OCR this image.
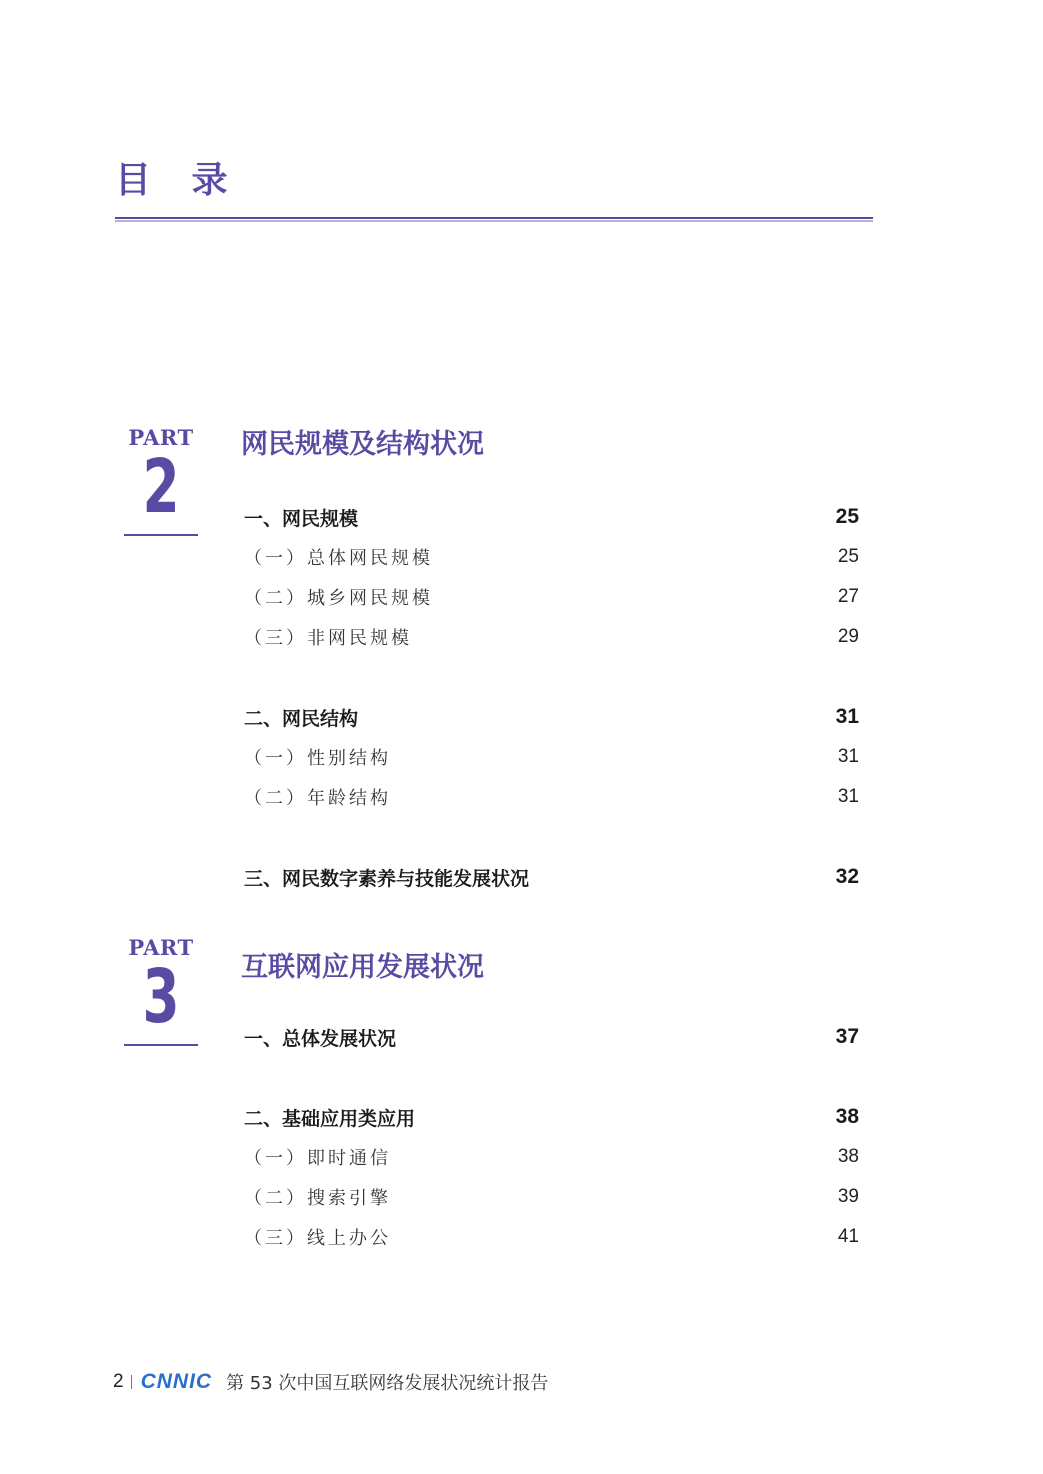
目 录
PART
2 网民规模及结构状况
一、网民规模	25
（一）总体网民规模	25
（二）城乡网民规模	27
（三）非网民规模	29
二、网民结构	31
（一）性别结构	31
（二）年龄结构	31
三、网民数字素养与技能发展状况	32
PART
3 互联网应用发展状况
一、总体发展状况	37
二、基础应用类应用	38
（一）即时通信	38
（二）搜索引擎	39
（三）线上办公	41
2 CNNIC 第 53 次中国互联网络发展状况统计报告
